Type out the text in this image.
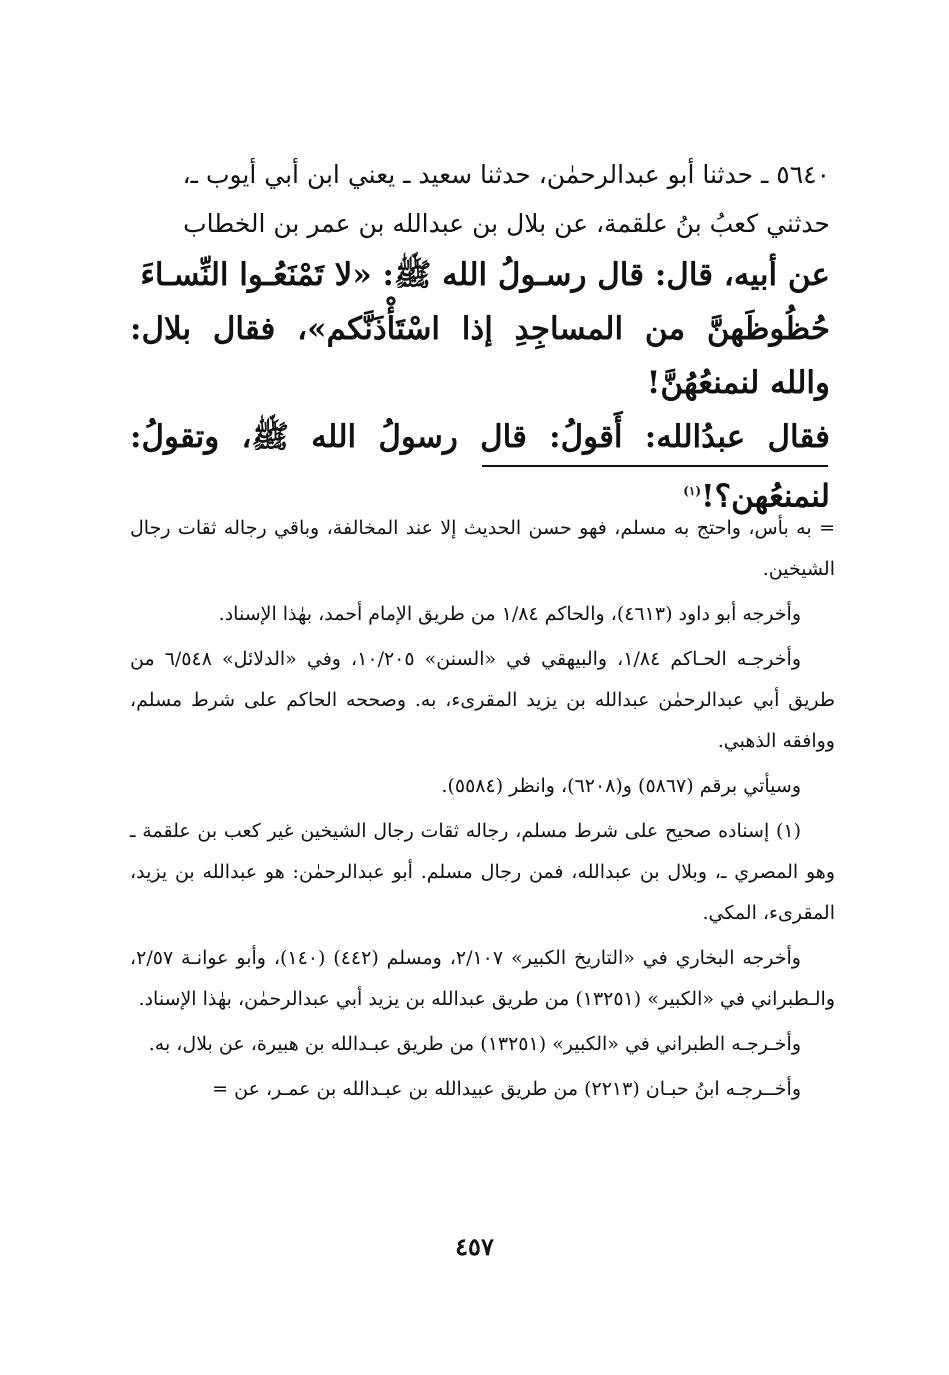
٥٦٤٠ ـ حدثنا أبو عبدالرحمٰن، حدثنا سعيد ـ يعني ابن أبي أيوب ـ،
حدثني كعبُ بنُ علقمة، عن بلال بن عبدالله بن عمر بن الخطاب
عن أبيه، قال: قال رسـولُ الله ﷺ: «لا تَمْنَعُـوا النِّسـاءَ
حُظُوظَهنَّ من المساجِدِ إذا اسْتَأْذَنَّكم»، فقال بلال: والله لنمنعُهُنَّ!
فقال عبدُالله: أَقولُ: قال رسولُ الله ﷺ، وتقولُ: لنمنعُهن؟!$^{(١)}$

= به بأس، واحتج به مسلم، فهو حسن الحديث إلا عند المخالفة، وباقي رجاله ثقات رجال الشيخين.

وأخرجه أبو داود (٤٦١٣)، والحاكم ١/٨٤ من طريق الإمام أحمد، بهٰذا الإسناد.

وأخرجـه الحـاكم ١/٨٤، والبيهقي في «السنن» ١٠/٢٠٥، وفي «الدلائل» ٦/٥٤٨ من طريق أبي عبدالرحمٰن عبدالله بن يزيد المقرىء، به. وصححه الحاكم على شرط مسلم، ووافقه الذهبي.

وسيأتي برقم (٥٨٦٧) و(٦٢٠٨)، وانظر (٥٥٨٤).

(١) إسناده صحيح على شرط مسلم، رجاله ثقات رجال الشيخين غير كعب بن علقمة ـ وهو المصري ـ، وبلال بن عبدالله، فمن رجال مسلم. أبو عبدالرحمٰن: هو عبدالله بن يزيد، المقرىء، المكي.

وأخرجه البخاري في «التاريخ الكبير» ٢/١٠٧، ومسلم (٤٤٢) (١٤٠)، وأبو عوانـة ٢/٥٧، والـطبراني في «الكبير» (١٣٢٥١) من طريق عبدالله بن يزيد أبي عبدالرحمٰن، بهٰذا الإسناد.

وأخـرجـه الطبراني في «الكبير» (١٣٢٥١) من طريق عبـدالله بن هبيرة، عن بلال، به.

وأخــرجـه ابنُ حبـان (٢٢١٣) من طريق عبيدالله بن عبـدالله بن عمـر، عن =

٤٥٧
